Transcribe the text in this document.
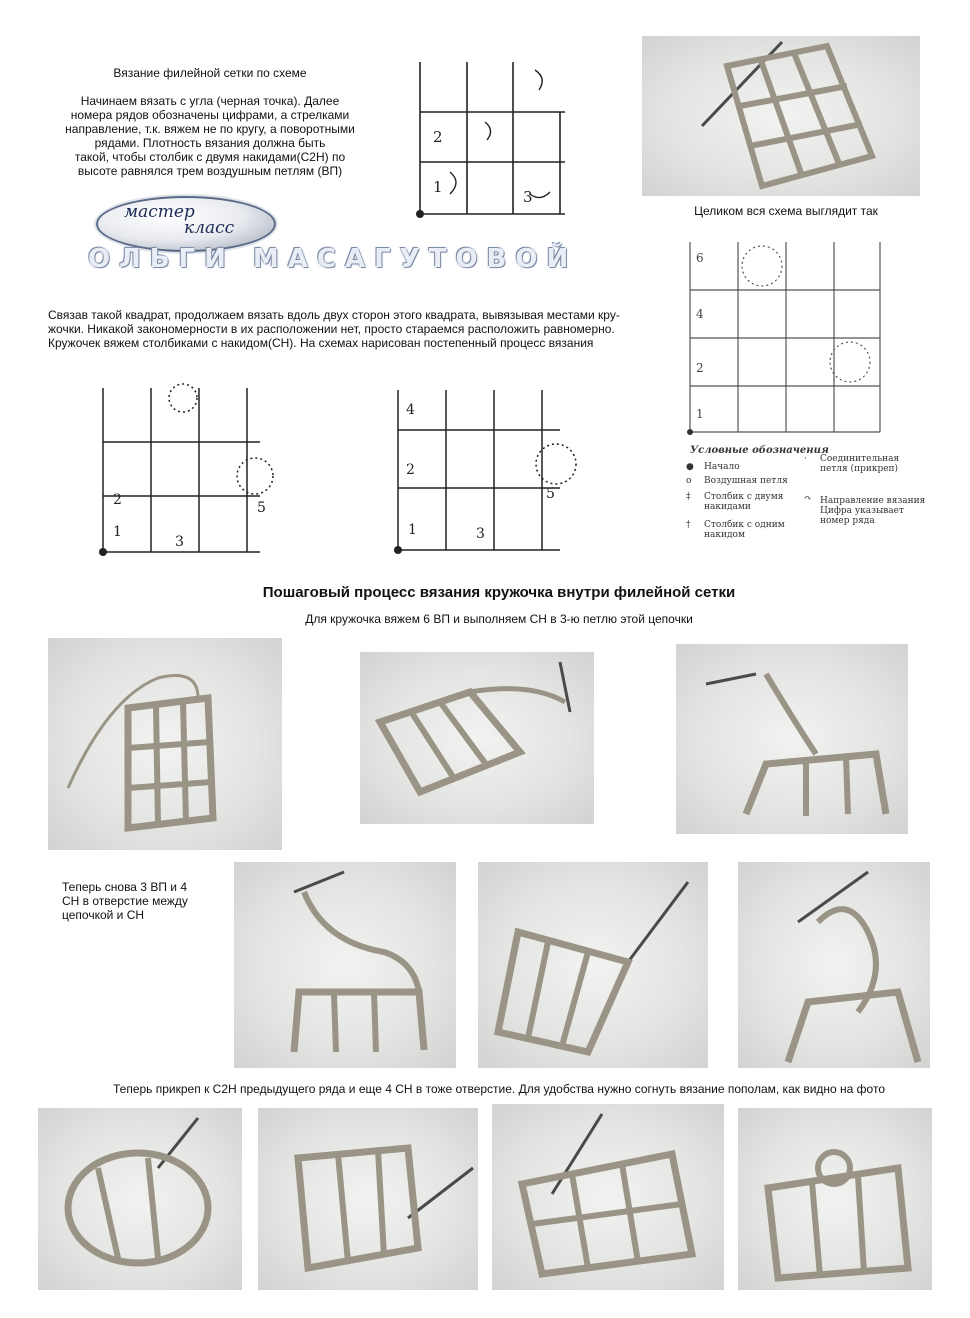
Вязание филейной сетки по схеме
Начинаем вязать с угла (черная точка). Далее
номера рядов обозначены цифрами, а стрелками
направление, т.к. вяжем не по кругу, а поворотными
рядами. Плотность вязания должна быть
такой, чтобы столбик с двумя накидами(С2Н) по
высоте равнялся трем воздушным петлям (ВП)
мастер
класс
ОЛЬГИ МАСАГУТОВОЙ
1
2
3
Целиком вся схема выглядит так
1
2
4
6
Условные обозначения
● Начало
o Воздушная петля
‡ Столбик с двумя
накидами
† Столбик с одним
накидом
· Соединительная
петля (прикреп)
↷ Направление вязания
Цифра указывает
номер ряда
Связав такой квадрат, продолжаем вязать вдоль двух сторон этого квадрата, вывязывая местами кру-
жочки. Никакой закономерности в их расположении нет, просто стараемся расположить равномерно.
Кружочек вяжем столбиками с накидом(СН). На схемах нарисован постепенный процесс вязания
1
2
3
5
4
2
1	3
5
Пошаговый процесс вязания кружочка внутри филейной сетки
Для кружочка вяжем 6 ВП и выполняем СН в 3-ю петлю этой цепочки
Теперь снова 3 ВП и 4
СН в отверстие между
цепочкой и СН
Теперь прикреп к С2Н предыдущего ряда и еще 4 СН в тоже отверстие. Для удобства нужно согнуть вязание пополам, как видно на фото
